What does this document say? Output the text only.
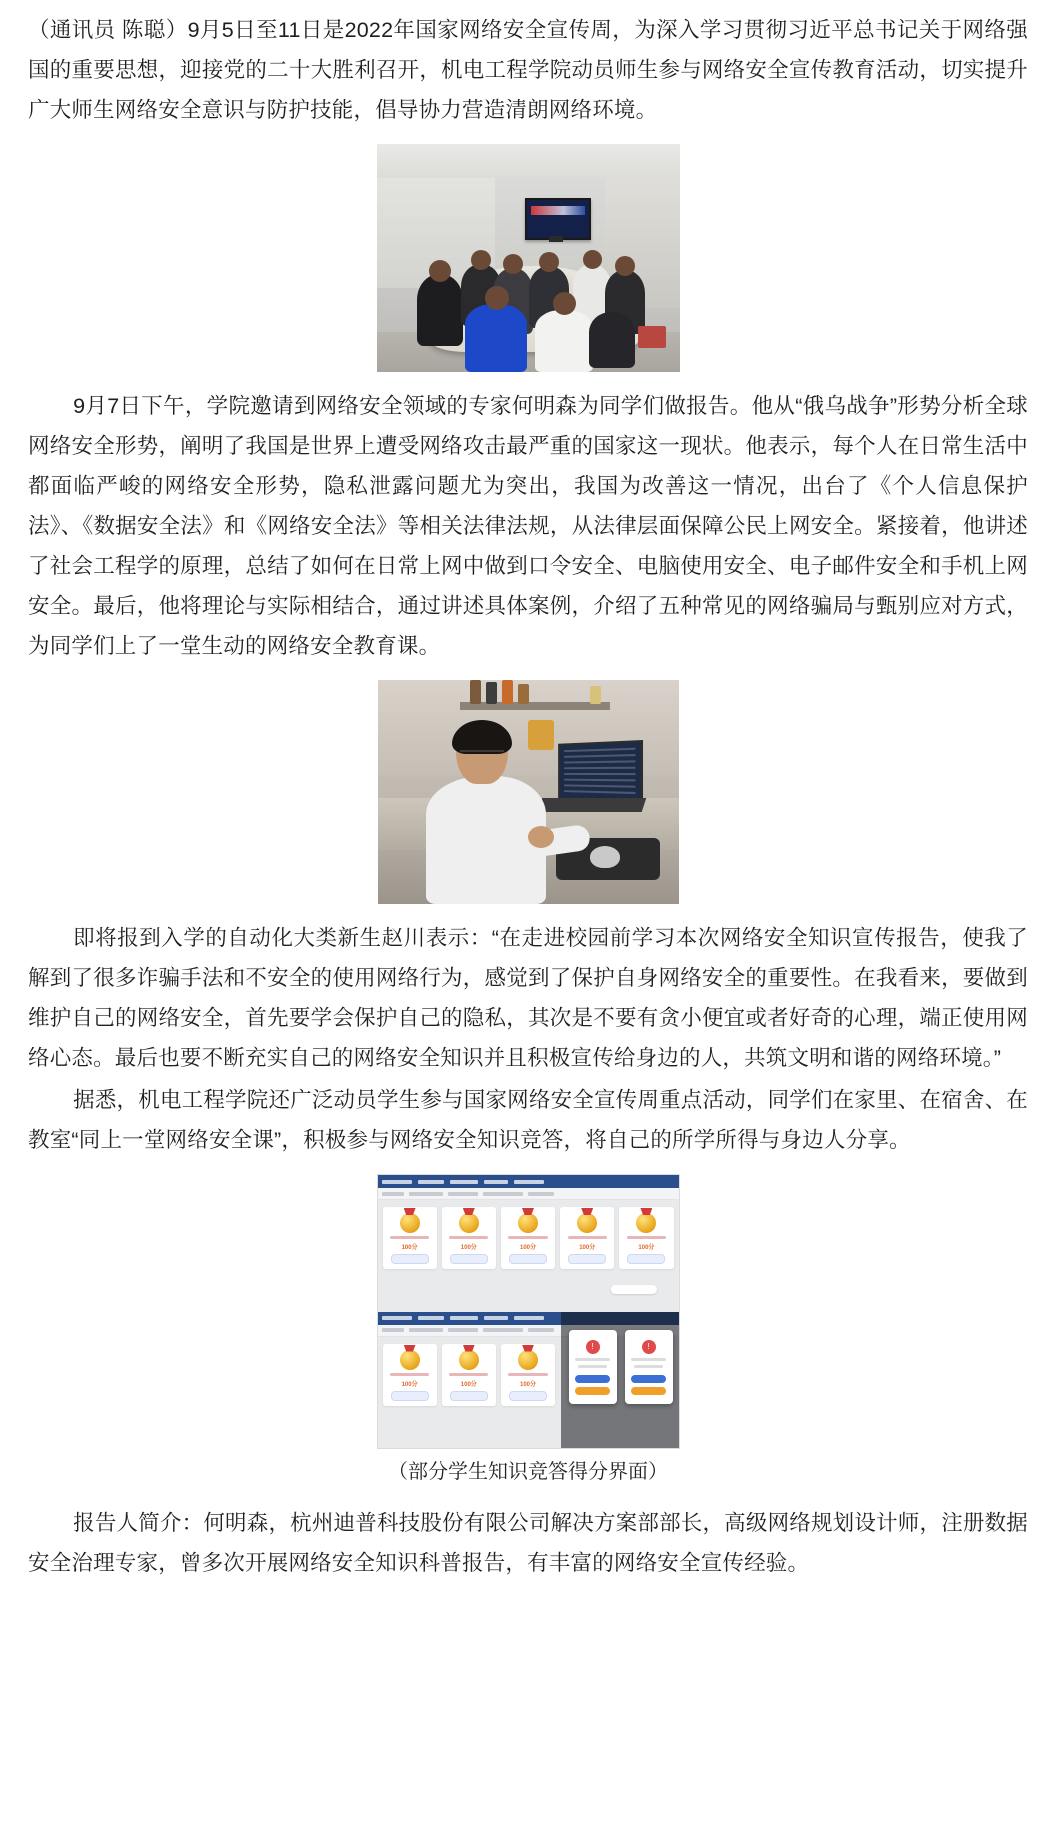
（通讯员 陈聪）9月5日至11日是2022年国家网络安全宣传周，为深入学习贯彻习近平总书记关于网络强国的重要思想，迎接党的二十大胜利召开，机电工程学院动员师生参与网络安全宣传教育活动，切实提升广大师生网络安全意识与防护技能，倡导协力营造清朗网络环境。

9月7日下午，学院邀请到网络安全领域的专家何明森为同学们做报告。他从“俄乌战争”形势分析全球网络安全形势，阐明了我国是世界上遭受网络攻击最严重的国家这一现状。他表示，每个人在日常生活中都面临严峻的网络安全形势，隐私泄露问题尤为突出，我国为改善这一情况，出台了《个人信息保护法》、《数据安全法》和《网络安全法》等相关法律法规，从法律层面保障公民上网安全。紧接着，他讲述了社会工程学的原理，总结了如何在日常上网中做到口令安全、电脑使用安全、电子邮件安全和手机上网安全。最后，他将理论与实际相结合，通过讲述具体案例，介绍了五种常见的网络骗局与甄别应对方式，为同学们上了一堂生动的网络安全教育课。

即将报到入学的自动化大类新生赵川表示：“在走进校园前学习本次网络安全知识宣传报告，使我了解到了很多诈骗手法和不安全的使用网络行为，感觉到了保护自身网络安全的重要性。在我看来，要做到维护自己的网络安全，首先要学会保护自己的隐私，其次是不要有贪小便宜或者好奇的心理，端正使用网络心态。最后也要不断充实自己的网络安全知识并且积极宣传给身边的人，共筑文明和谐的网络环境。”

据悉，机电工程学院还广泛动员学生参与国家网络安全宣传周重点活动，同学们在家里、在宿舍、在教室“同上一堂网络安全课”，积极参与网络安全知识竞答，将自己的所学所得与身边人分享。

100分	100分	100分	100分	100分
100分	100分	100分
!	!
（部分学生知识竞答得分界面）

报告人简介：何明森，杭州迪普科技股份有限公司解决方案部部长，高级网络规划设计师，注册数据安全治理专家，曾多次开展网络安全知识科普报告，有丰富的网络安全宣传经验。
